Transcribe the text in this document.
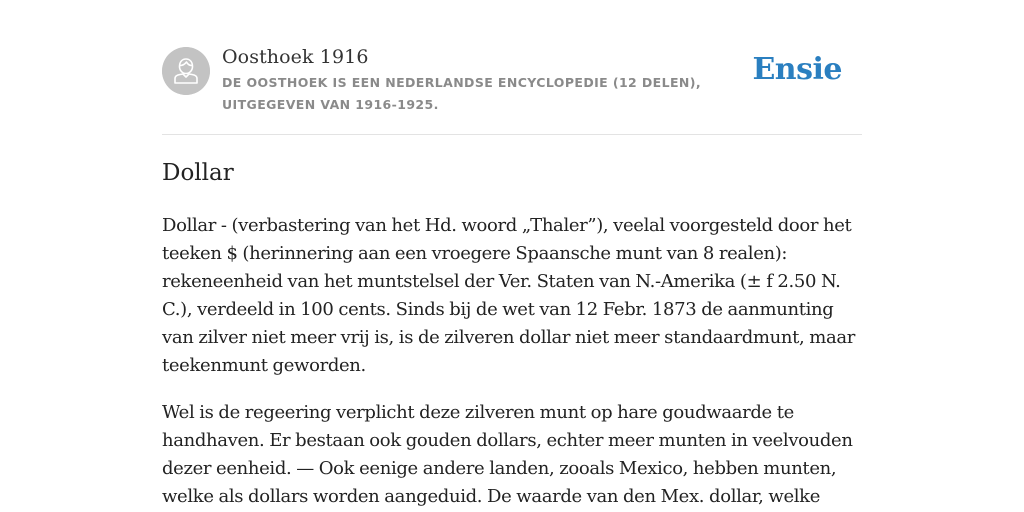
Oosthoek 1916
DE OOSTHOEK IS EEN NEDERLANDSE ENCYCLOPEDIE (12 DELEN), UITGEGEVEN VAN 1916-1925.
Ensie
Dollar

Dollar - (verbastering van het Hd. woord „Thaler”), veelal voorgesteld door het teeken $ (herinnering aan een vroegere Spaansche munt van 8 realen): rekeneenheid van het muntstelsel der Ver. Staten van N.-Amerika (± f 2.50 N. C.), verdeeld in 100 cents. Sinds bij de wet van 12 Febr. 1873 de aanmunting van zilver niet meer vrij is, is de zilveren dollar niet meer standaardmunt, maar teekenmunt geworden.

Wel is de regeering verplicht deze zilveren munt op hare goudwaarde te handhaven. Er bestaan ook gouden dollars, echter meer munten in veelvouden dezer eenheid. — Ook eenige andere landen, zooals Mexico, hebben munten, welke als dollars worden aangeduid. De waarde van den Mex. dollar, welke
